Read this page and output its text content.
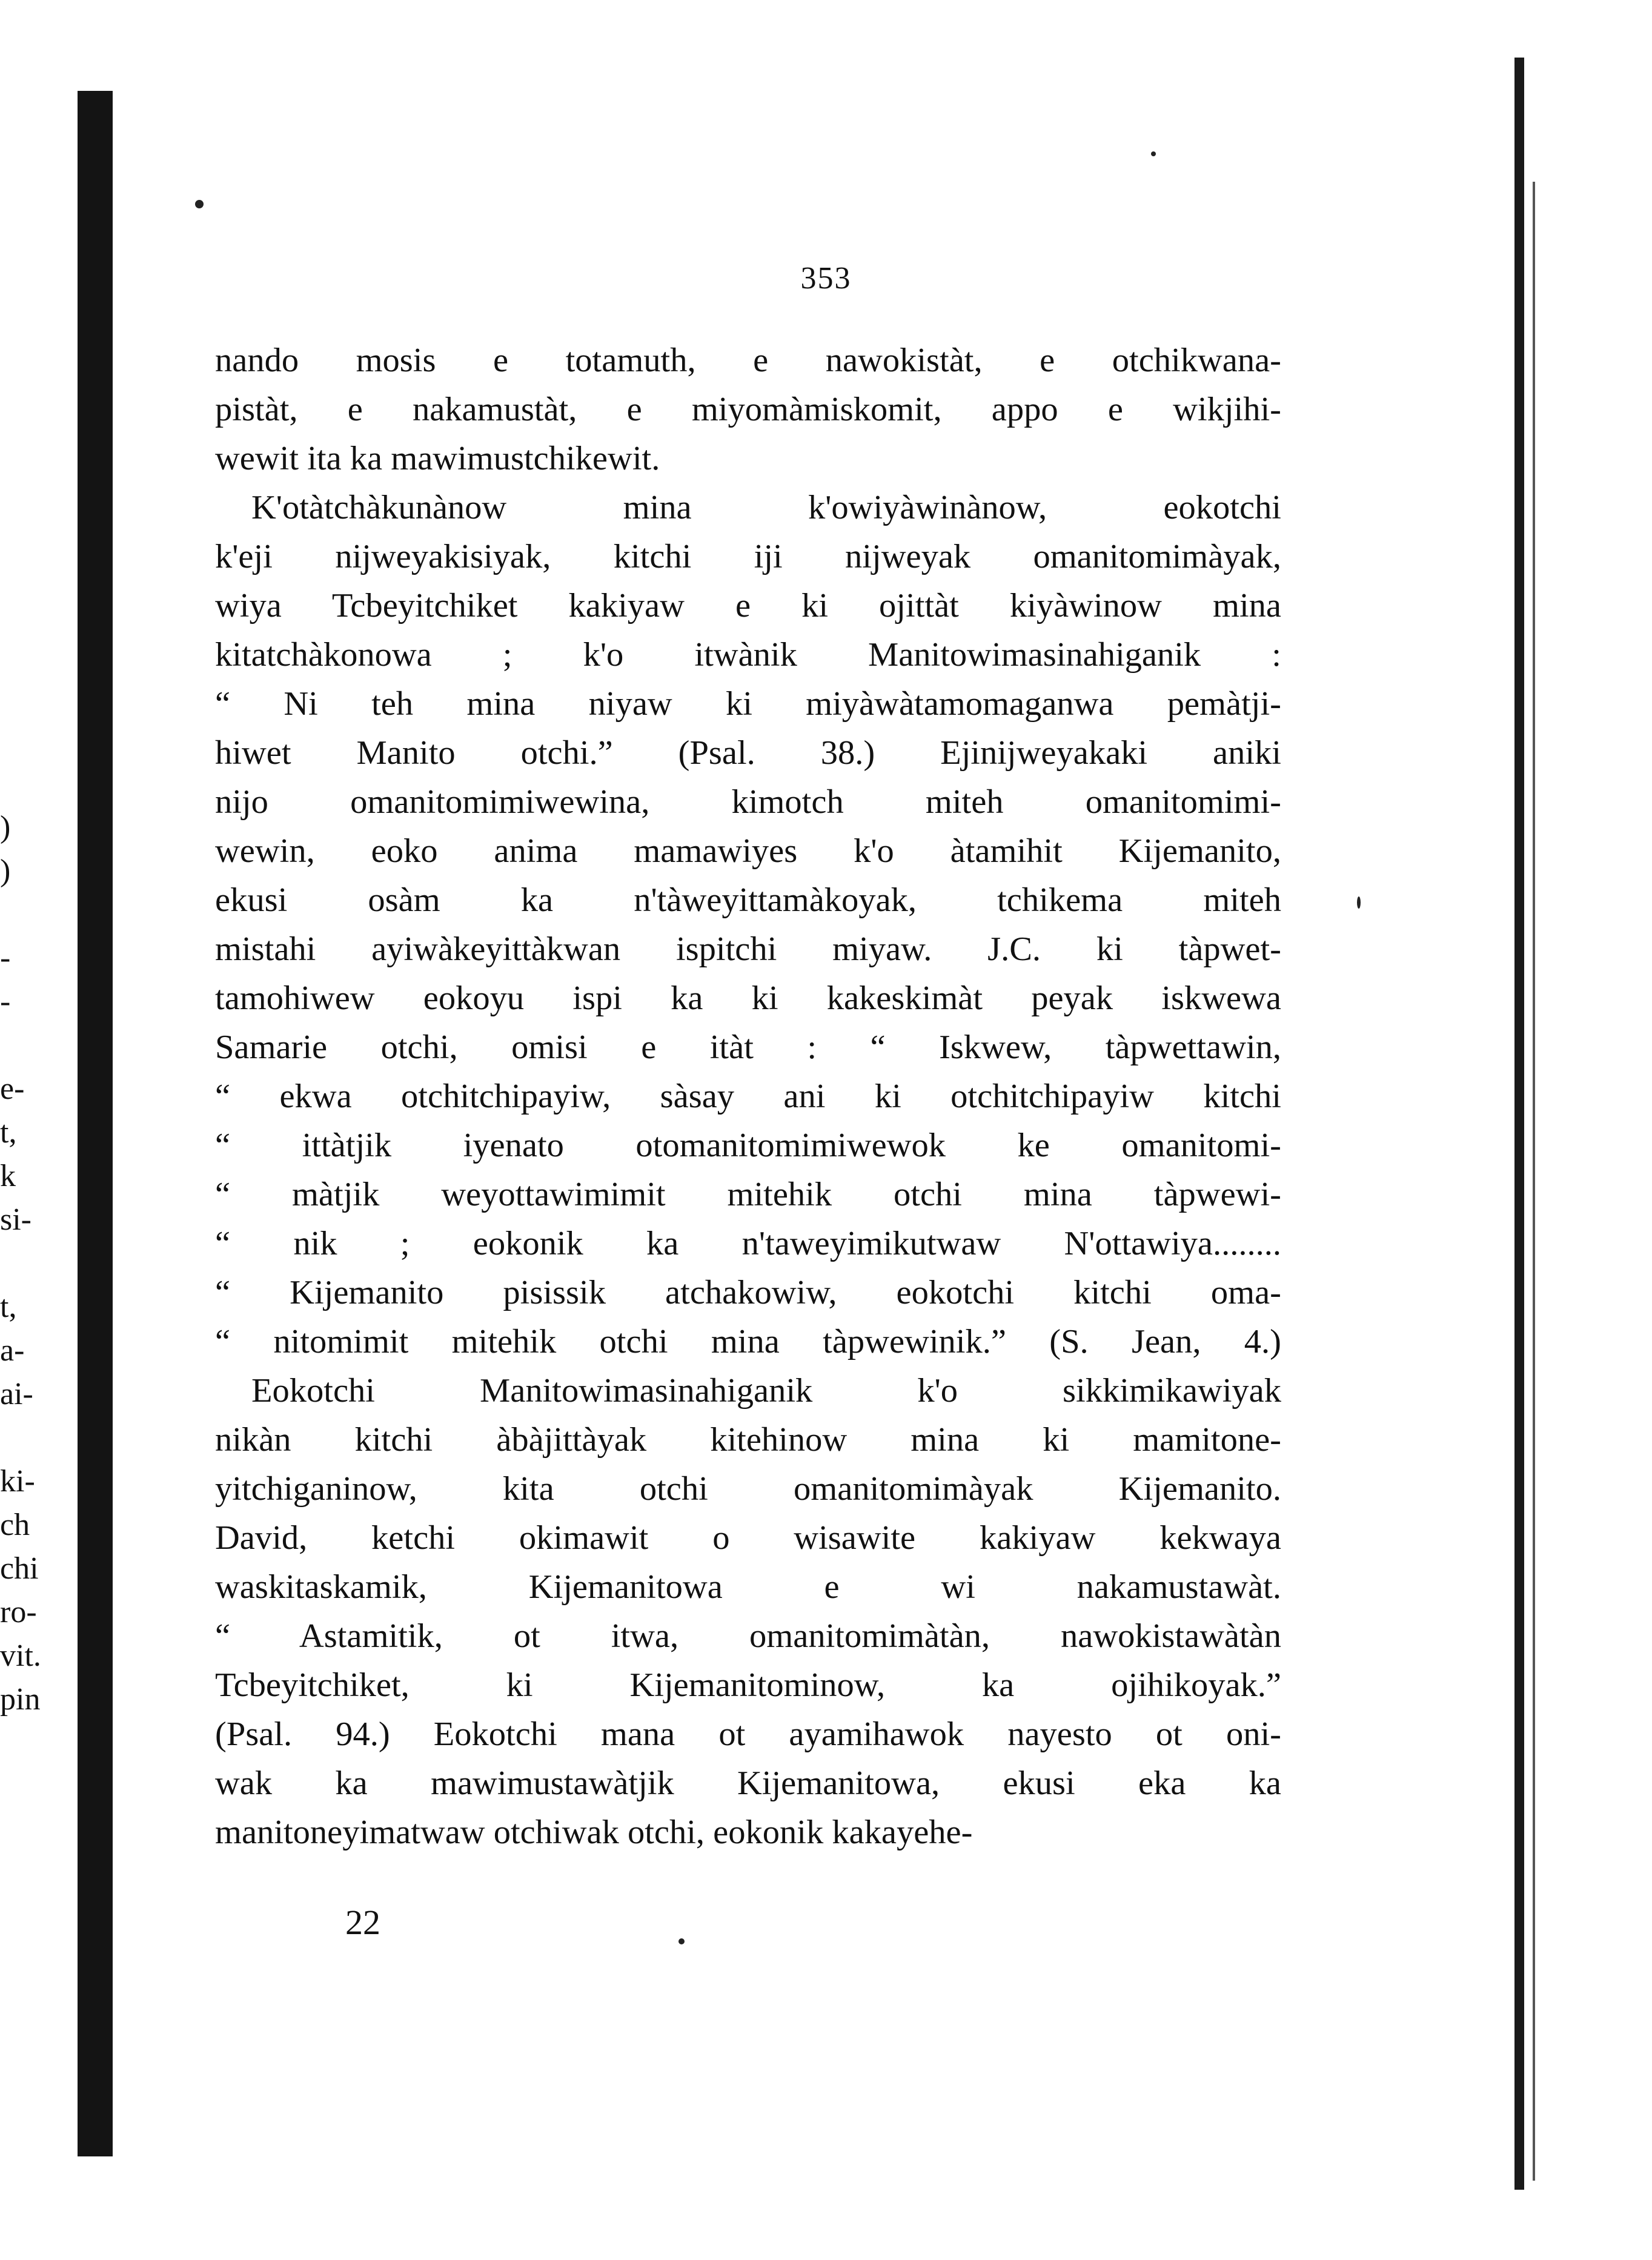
353
nando mosis e totamuth, e nawokistàt, e otchikwana-
pistàt, e nakamustàt, e miyomàmiskomit, appo e wikjihi-
wewit ita ka mawimustchikewit.
K'otàtchàkunànow mina k'owiyàwinànow, eokotchi
k'eji nijweyakisiyak, kitchi iji nijweyak omanitomimàyak,
wiya Tcbeyitchiket kakiyaw e ki ojittàt kiyàwinow mina
kitatchàkonowa ; k'o itwànik Manitowimasinahiganik :
“ Ni teh mina niyaw ki miyàwàtamomaganwa pemàtji-
hiwet Manito otchi.” (Psal. 38.) Ejinijweyakaki aniki
nijo omanitomimiwewina, kimotch miteh omanitomimi-
wewin, eoko anima mamawiyes k'o àtamihit Kijemanito,
ekusi osàm ka n'tàweyittamàkoyak, tchikema miteh
mistahi ayiwàkeyittàkwan ispitchi miyaw. J.C. ki tàpwet-
tamohiwew eokoyu ispi ka ki kakeskimàt peyak iskwewa
Samarie otchi, omisi e itàt : “ Iskwew, tàpwettawin,
“ ekwa otchitchipayiw, sàsay ani ki otchitchipayiw kitchi
“ ittàtjik iyenato otomanitomimiwewok ke omanitomi-
“ màtjik weyottawimimit mitehik otchi mina tàpwewi-
“ nik ; eokonik ka n'taweyimikutwaw N'ottawiya........
“ Kijemanito pisissik atchakowiw, eokotchi kitchi oma-
“ nitomimit mitehik otchi mina tàpwewinik.” (S. Jean, 4.)
Eokotchi Manitowimasinahiganik k'o sikkimikawiyak
nikàn kitchi àbàjittàyak kitehinow mina ki mamitone-
yitchiganinow, kita otchi omanitomimàyak Kijemanito.
David, ketchi okimawit o wisawite kakiyaw kekwaya
waskitaskamik, Kijemanitowa e wi nakamustawàt.
“ Astamitik, ot itwa, omanitomimàtàn, nawokistawàtàn
Tcbeyitchiket, ki Kijemanitominow, ka ojihikoyak.”
(Psal. 94.) Eokotchi mana ot ayamihawok nayesto ot oni-
wak ka mawimustawàtjik Kijemanitowa, ekusi eka ka
manitoneyimatwaw otchiwak otchi, eokonik kakayehe-
)
)

-
-

e-
t,
k
si-

t,
a-
ai-

ki-
ch
chi
ro-
vit.
pin
22
